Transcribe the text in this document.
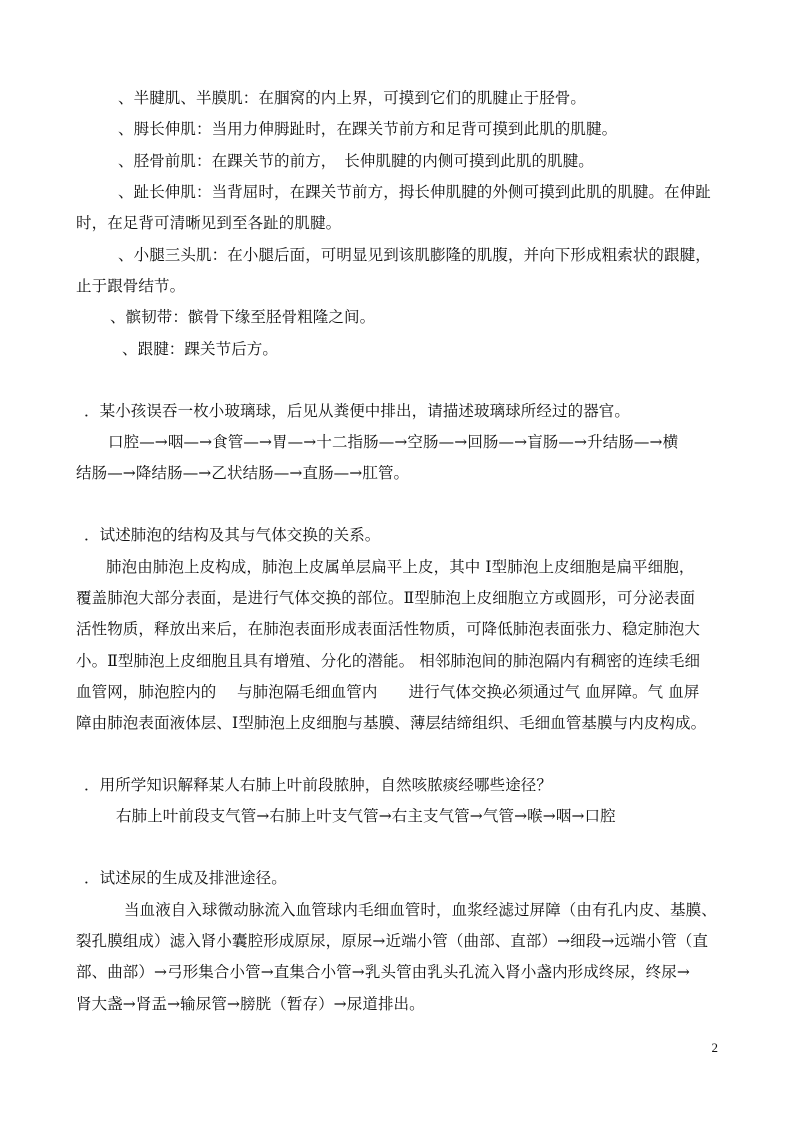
、半腱肌、半膜肌：在腘窝的内上界，可摸到它们的肌腱止于胫骨。

、胟长伸肌：当用力伸胟趾时，在踝关节前方和足背可摸到此肌的肌腱。

、胫骨前肌：在踝关节的前方，　长伸肌腱的内侧可摸到此肌的肌腱。

、趾长伸肌：当背屈时，在踝关节前方，拇长伸肌腱的外侧可摸到此肌的肌腱。在伸趾

时，在足背可清晰见到至各趾的肌腱。

、小腿三头肌：在小腿后面，可明显见到该肌膨隆的肌腹，并向下形成粗索状的跟腱，

止于跟骨结节。

、髌韧带：髌骨下缘至胫骨粗隆之间。

、跟腱：踝关节后方。

．某小孩误吞一枚小玻璃球，后见从粪便中排出，请描述玻璃球所经过的器官。

口腔—→咽—→食管—→胃—→十二指肠—→空肠—→回肠—→盲肠—→升结肠—→横

结肠—→降结肠—→乙状结肠—→直肠—→肛管。

．试述肺泡的结构及其与气体交换的关系。

肺泡由肺泡上皮构成，肺泡上皮属单层扁平上皮，其中 Ⅰ型肺泡上皮细胞是扁平细胞，

覆盖肺泡大部分表面，是进行气体交换的部位。Ⅱ型肺泡上皮细胞立方或圆形，可分泌表面

活性物质，释放出来后，在肺泡表面形成表面活性物质，可降低肺泡表面张力、稳定肺泡大

小。Ⅱ型肺泡上皮细胞且具有增殖、分化的潜能。 相邻肺泡间的肺泡隔内有稠密的连续毛细

血管网，肺泡腔内的　 与肺泡隔毛细血管内　　进行气体交换必须通过气 血屏障。气 血屏

障由肺泡表面液体层、Ⅰ型肺泡上皮细胞与基膜、薄层结缔组织、毛细血管基膜与内皮构成。

．用所学知识解释某人右肺上叶前段脓肿，自然咳脓痰经哪些途径？

右肺上叶前段支气管→右肺上叶支气管→右主支气管→气管→喉→咽→口腔

．试述尿的生成及排泄途径。

当血液自入球微动脉流入血管球内毛细血管时，血浆经滤过屏障（由有孔内皮、基膜、

裂孔膜组成）滤入肾小囊腔形成原尿，原尿→近端小管（曲部、直部）→细段→远端小管（直

部、曲部）→弓形集合小管→直集合小管→乳头管由乳头孔流入肾小盏内形成终尿，终尿→

肾大盏→肾盂→输尿管→膀胱（暂存）→尿道排出。

2
